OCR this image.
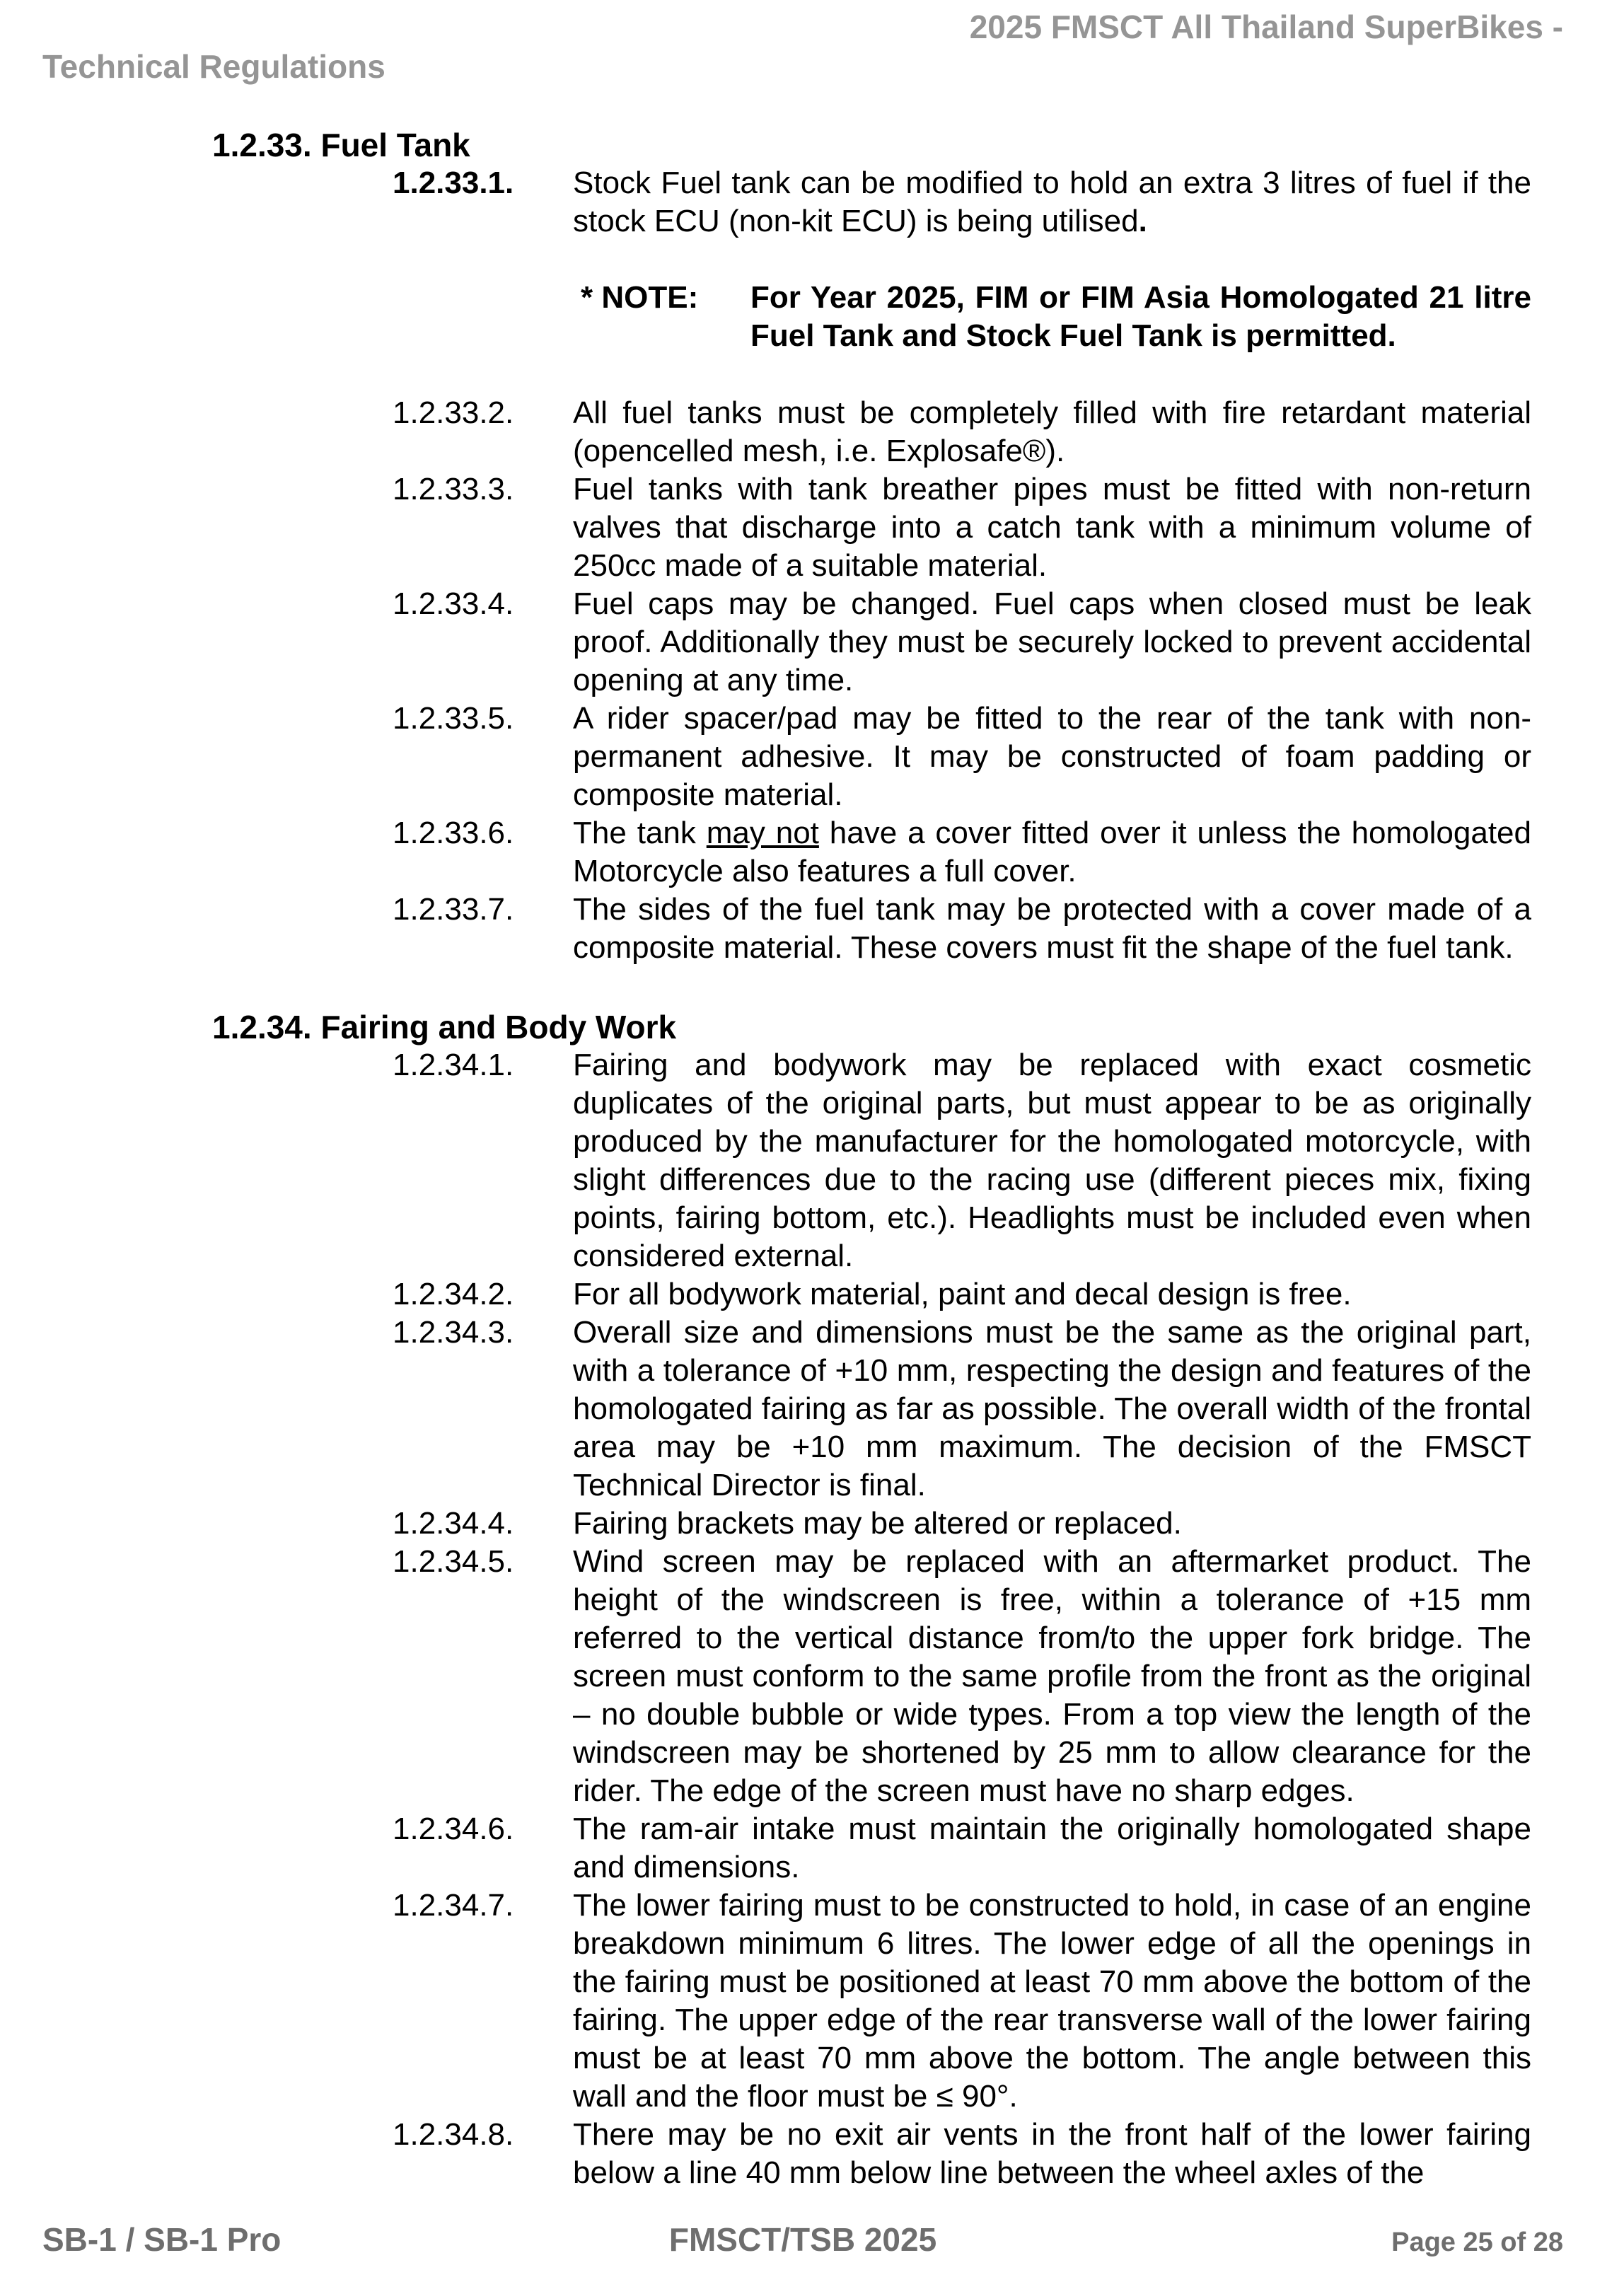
2025 FMSCT All Thailand SuperBikes -
Technical Regulations
1.2.33. Fuel Tank
1.2.33.1.	Stock Fuel tank can be modified to hold an extra 3 litres of fuel if the stock ECU (non-kit ECU) is being utilised.
* NOTE:	For Year 2025, FIM or FIM Asia Homologated 21 litre Fuel Tank and Stock Fuel Tank is permitted.
1.2.33.2.	All fuel tanks must be completely filled with fire retardant material (opencelled mesh, i.e. Explosafe®).
1.2.33.3.	Fuel tanks with tank breather pipes must be fitted with non-return valves that discharge into a catch tank with a minimum volume of 250cc made of a suitable material.
1.2.33.4.	Fuel caps may be changed. Fuel caps when closed must be leak proof. Additionally they must be securely locked to prevent accidental opening at any time.
1.2.33.5.	A rider spacer/pad may be fitted to the rear of the tank with non-permanent adhesive. It may be constructed of foam padding or composite material.
1.2.33.6.	The tank may not have a cover fitted over it unless the homologated Motorcycle also features a full cover.
1.2.33.7.	The sides of the fuel tank may be protected with a cover made of a composite material. These covers must fit the shape of the fuel tank.
1.2.34. Fairing and Body Work
1.2.34.1.	Fairing and bodywork may be replaced with exact cosmetic duplicates of the original parts, but must appear to be as originally produced by the manufacturer for the homologated motorcycle, with slight differences due to the racing use (different pieces mix, fixing points, fairing bottom, etc.). Headlights must be included even when considered external.
1.2.34.2.	For all bodywork material, paint and decal design is free.
1.2.34.3.	Overall size and dimensions must be the same as the original part, with a tolerance of +10 mm, respecting the design and features of the homologated fairing as far as possible. The overall width of the frontal area may be +10 mm maximum. The decision of the FMSCT Technical Director is final.
1.2.34.4.	Fairing brackets may be altered or replaced.
1.2.34.5.	Wind screen may be replaced with an aftermarket product. The height of the windscreen is free, within a tolerance of +15 mm referred to the vertical distance from/to the upper fork bridge. The screen must conform to the same profile from the front as the original – no double bubble or wide types. From a top view the length of the windscreen may be shortened by 25 mm to allow clearance for the rider. The edge of the screen must have no sharp edges.
1.2.34.6.	The ram-air intake must maintain the originally homologated shape and dimensions.
1.2.34.7.	The lower fairing must to be constructed to hold, in case of an engine breakdown minimum 6 litres. The lower edge of all the openings in the fairing must be positioned at least 70 mm above the bottom of the fairing. The upper edge of the rear transverse wall of the lower fairing must be at least 70 mm above the bottom. The angle between this wall and the floor must be ≤ 90°.
1.2.34.8.	There may be no exit air vents in the front half of the lower fairing below a line 40 mm below line between the wheel axles of the
SB-1 / SB-1 Pro	FMSCT/TSB 2025	Page 25 of 28
